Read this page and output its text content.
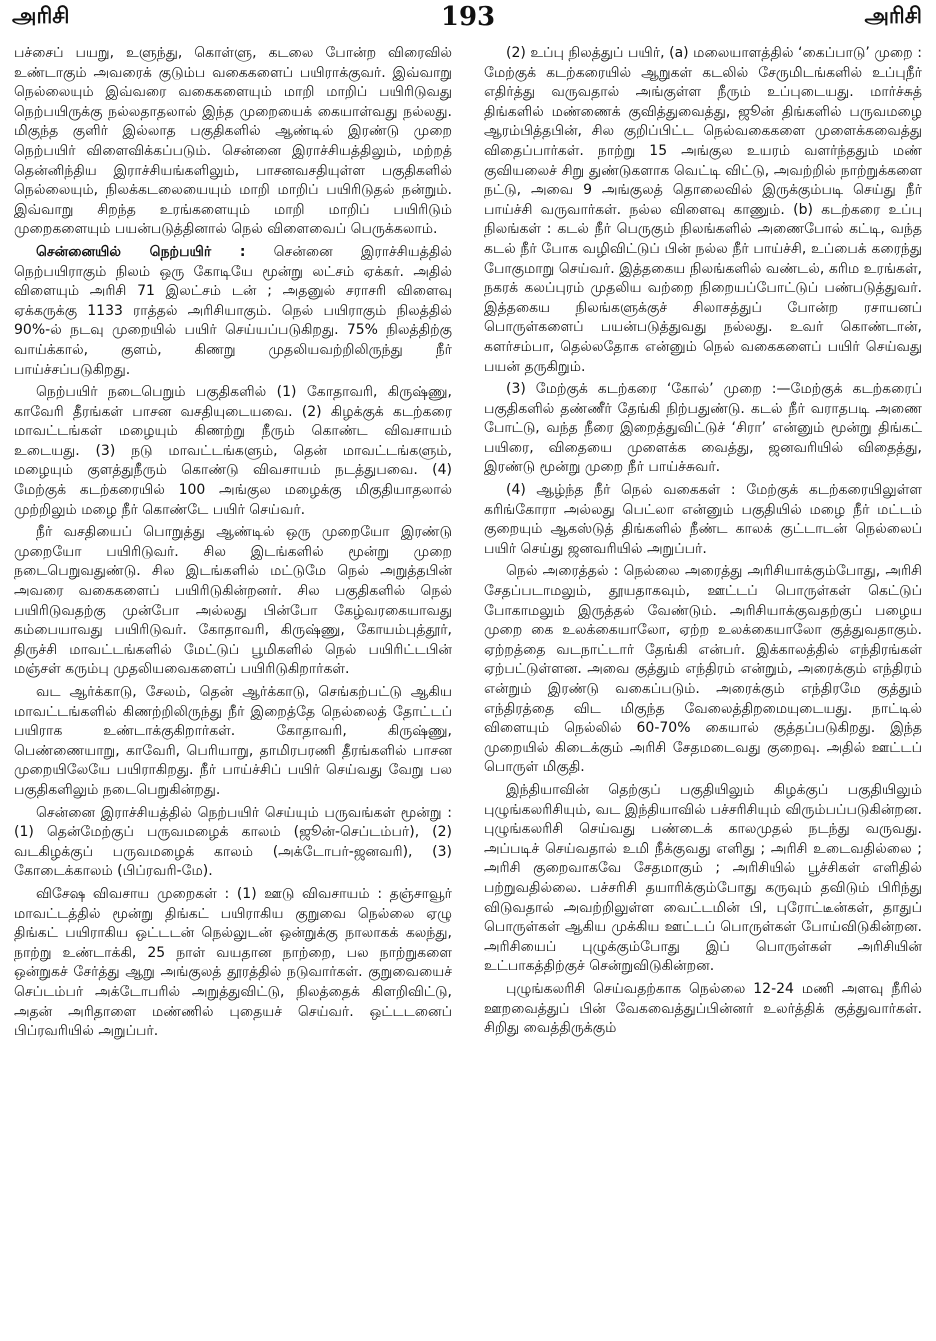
193
அரிசி	அரிசி

பச்சைப் பயறு, உளுந்து, கொள்ளு, கடலை போன்ற விரைவில் உண்டாகும் அவரைக் குடும்ப வகைகளைப் பயிராக்குவர். இவ்வாறு நெல்லையும் இவ்வரை வகைகளையும் மாறி மாறிப் பயிரிடுவது நெற்பயிருக்கு நல்லதாதலால் இந்த முறையைக் கையாள்வது நல்லது. மிகுந்த குளிர் இல்லாத பகுதிகளில் ஆண்டில் இரண்டு முறை நெற்பயிர் விளைவிக்கப்படும். சென்னை இராச்சியத்திலும், மற்றத் தென்னிந்திய இராச்சியங்களிலும், பாசனவசதியுள்ள பகுதிகளில் நெல்லையும், நிலக்கடலையையும் மாறி மாறிப் பயிரிடுதல் நன்றும். இவ்வாறு சிறந்த உரங்களையும் மாறி மாறிப் பயிரிடும் முறைகளையும் பயன்படுத்தினால் நெல் விளைவைப் பெருக்கலாம்.

சென்னையில் நெற்பயிர் : சென்னை இராச்சியத்தில் நெற்பயிராகும் நிலம் ஒரு கோடியே மூன்று லட்சம் ஏக்கர். அதில் விளையும் அரிசி 71 இலட்சம் டன் ; அதனுல் சராசரி விளைவு ஏக்கருக்கு 1133 ராத்தல் அரிசியாகும். நெல் பயிராகும் நிலத்தில் 90%-ல் நடவு முறையில் பயிர் செய்யப்படுகிறது. 75% நிலத்திற்கு வாய்க்கால், குளம், கிணறு முதலியவற்றிலிருந்து நீர் பாய்ச்சப்படுகிறது.

நெற்பயிர் நடைபெறும் பகுதிகளில் (1) கோதாவரி, கிருஷ்ணு, காவேரி தீரங்கள் பாசன வசதியுடையவை. (2) கிழக்குக் கடற்கரை மாவட்டங்கள் மழையும் கிணற்று நீரும் கொண்ட விவசாயம் உடையது. (3) நடு மாவட்டங்களும், தென் மாவட்டங்களும், மழையும் குளத்துநீரும் கொண்டு விவசாயம் நடத்துபவை. (4) மேற்குக் கடற்கரையில் 100 அங்குல மழைக்கு மிகுதியாதலால் முற்றிலும் மழை நீர் கொண்டே பயிர் செய்வர்.

நீர் வசதியைப் பொறுத்து ஆண்டில் ஒரு முறையோ இரண்டு முறையோ பயிரிடுவர். சில இடங்களில் மூன்று முறை நடைபெறுவதுண்டு. சில இடங்களில் மட்டுமே நெல் அறுத்தபின் அவரை வகைகளைப் பயிரிடுகின்றனர். சில பகுதிகளில் நெல் பயிரிடுவதற்கு முன்போ அல்லது பின்போ கேழ்வரகையாவது கம்பையாவது பயிரிடுவர். கோதாவரி, கிருஷ்ணு, கோயம்புத்தூர், திருச்சி மாவட்டங்களில் மேட்டுப் பூமிகளில் நெல் பயிரிட்டபின் மஞ்சள் கரும்பு முதலியவைகளைப் பயிரிடுகிறார்கள்.

வட ஆர்க்காடு, சேலம், தென் ஆர்க்காடு, செங்கற்பட்டு ஆகிய மாவட்டங்களில் கிணற்றிலிருந்து நீர் இறைத்தே நெல்லைத் தோட்டப் பயிராக உண்டாக்குகிறார்கள். கோதாவரி, கிருஷ்ணு, பெண்ணையாறு, காவேரி, பெரியாறு, தாமிரபரணி தீரங்களில் பாசன முறையிலேயே பயிராகிறது. நீர் பாய்ச்சிப் பயிர் செய்வது வேறு பல பகுதிகளிலும் நடைபெறுகின்றது.

சென்னை இராச்சியத்தில் நெற்பயிர் செய்யும் பருவங்கள் மூன்று : (1) தென்மேற்குப் பருவமழைக் காலம் (ஜூன்-செப்டம்பர்), (2) வடகிழக்குப் பருவமழைக் காலம் (அக்டோபர்-ஜனவரி), (3) கோடைக்காலம் (பிப்ரவரி-மே).

விசேஷ விவசாய முறைகள் : (1) ஊடு விவசாயம் : தஞ்சாவூர் மாவட்டத்தில் மூன்று திங்கட் பயிராகிய குறுவை நெல்லை ஏழு திங்கட் பயிராகிய ஒட்டடன் நெல்லுடன் ஒன்றுக்கு நாலாகக் கலந்து, நாற்று உண்டாக்கி, 25 நாள் வயதான நாற்றை, பல நாற்றுகளை ஒன்றுகச் சேர்த்து ஆறு அங்குலத் தூரத்தில் நடுவார்கள். குறுவையைச் செப்டம்பர் அக்டோபரில் அறுத்துவிட்டு, நிலத்தைக் கிளறிவிட்டு, அதன் அரிதாளை மண்ணில் புதையச் செய்வர். ஒட்டடனைப் பிப்ரவரியில் அறுப்பர்.

(2) உப்பு நிலத்துப் பயிர், (a) மலையாளத்தில் ‘கைப்பாடு’ முறை : மேற்குக் கடற்கரையில் ஆறுகள் கடலில் சேருமிடங்களில் உப்புநீர் எதிர்த்து வருவதால் அங்குள்ள நீரும் உப்புடையது. மார்ச்சுத் திங்களில் மண்ணைக் குவித்துவைத்து, ஜூன் திங்களில் பருவமழை ஆரம்பித்தபின், சில குறிப்பிட்ட நெல்வகைகளை முளைக்கவைத்து விதைப்பார்கள். நாற்று 15 அங்குல உயரம் வளர்ந்ததும் மண் குவியலைச் சிறு துண்டுகளாக வெட்டி விட்டு, அவற்றில் நாற்றுக்களை நட்டு, அவை 9 அங்குலத் தொலைவில் இருக்கும்படி செய்து நீர் பாய்ச்சி வருவார்கள். நல்ல விளைவு காணும். (b) கடற்கரை உப்பு நிலங்கள் : கடல் நீர் பெருகும் நிலங்களில் அணைபோல் கட்டி, வந்த கடல் நீர் போக வழிவிட்டுப் பின் நல்ல நீர் பாய்ச்சி, உப்பைக் கரைந்து போகுமாறு செய்வர். இத்தகைய நிலங்களில் வண்டல், கரிம உரங்கள், நகரக் கலப்புரம் முதலிய வற்றை நிறையப்போட்டுப் பண்படுத்துவர். இத்தகைய நிலங்களுக்குச் சிலாசத்துப் போன்ற ரசாயனப் பொருள்களைப் பயன்படுத்துவது நல்லது. உவர் கொண்டான், களர்சம்பா, தெல்லதோக என்னும் நெல் வகைகளைப் பயிர் செய்வது பயன் தருகிறும்.

(3) மேற்குக் கடற்கரை ‘கோல்’ முறை :—மேற்குக் கடற்கரைப் பகுதிகளில் தண்ணீர் தேங்கி நிற்பதுண்டு. கடல் நீர் வராதபடி அணை போட்டு, வந்த நீரை இறைத்துவிட்டுச் ‘சிரா’ என்னும் மூன்று திங்கட் பயிரை, விதையை முளைக்க வைத்து, ஜனவரியில் விதைத்து, இரண்டு மூன்று முறை நீர் பாய்ச்சுவர்.

(4) ஆழ்ந்த நீர் நெல் வகைகள் : மேற்குக் கடற்கரையிலுள்ள கரிங்கோரா அல்லது பெட்லா என்னும் பகுதியில் மழை நீர் மட்டம் குறையும் ஆகஸ்டுத் திங்களில் நீண்ட காலக் குட்டாடன் நெல்லைப் பயிர் செய்து ஜனவரியில் அறுப்பர்.

நெல் அரைத்தல் : நெல்லை அரைத்து அரிசியாக்கும்போது, அரிசி சேதப்படாமலும், தூயதாகவும், ஊட்டப் பொருள்கள் கெட்டுப் போகாமலும் இருத்தல் வேண்டும். அரிசியாக்குவதற்குப் பழைய முறை கை உலக்கையாலோ, ஏற்ற உலக்கையாலோ குத்துவதாகும். ஏற்றத்தை வடநாட்டார் தேங்கி என்பர். இக்காலத்தில் எந்திரங்கள் ஏற்பட்டுள்ளன. அவை குத்தும் எந்திரம் என்றும், அரைக்கும் எந்திரம் என்றும் இரண்டு வகைப்படும். அரைக்கும் எந்திரமே குத்தும் எந்திரத்தை விட மிகுந்த வேலைத்திறமையுடையது. நாட்டில் விளையும் நெல்லில் 60-70% கையால் குத்தப்படுகிறது. இந்த முறையில் கிடைக்கும் அரிசி சேதமடைவது குறைவு. அதில் ஊட்டப் பொருள் மிகுதி.

இந்தியாவின் தெற்குப் பகுதியிலும் கிழக்குப் பகுதியிலும் புழுங்கலரிசியும், வட இந்தியாவில் பச்சரிசியும் விரும்பப்படுகின்றன. புழுங்கலரிசி செய்வது பண்டைக் காலமுதல் நடந்து வருவது. அப்படிச் செய்வதால் உமி நீக்குவது எளிது ; அரிசி உடைவதில்லை ; அரிசி குறைவாகவே சேதமாகும் ; அரிசியில் பூச்சிகள் எளிதில் பற்றுவதில்லை. பச்சரிசி தயாரிக்கும்போது கருவும் தவிடும் பிரிந்து விடுவதால் அவற்றிலுள்ள வைட்டமின் பி, புரோட்டீன்கள், தாதுப் பொருள்கள் ஆகிய முக்கிய ஊட்டப் பொருள்கள் போய்விடுகின்றன. அரிசியைப் புழுக்கும்போது இப் பொருள்கள் அரிசியின் உட்பாகத்திற்குச் சென்றுவிடுகின்றன.

புழுங்கலரிசி செய்வதற்காக நெல்லை 12-24 மணி அளவு நீரில் ஊறவைத்துப் பின் வேகவைத்துப்பின்னர் உலர்த்திக் குத்துவார்கள். சிறிது வைத்திருக்கும்
